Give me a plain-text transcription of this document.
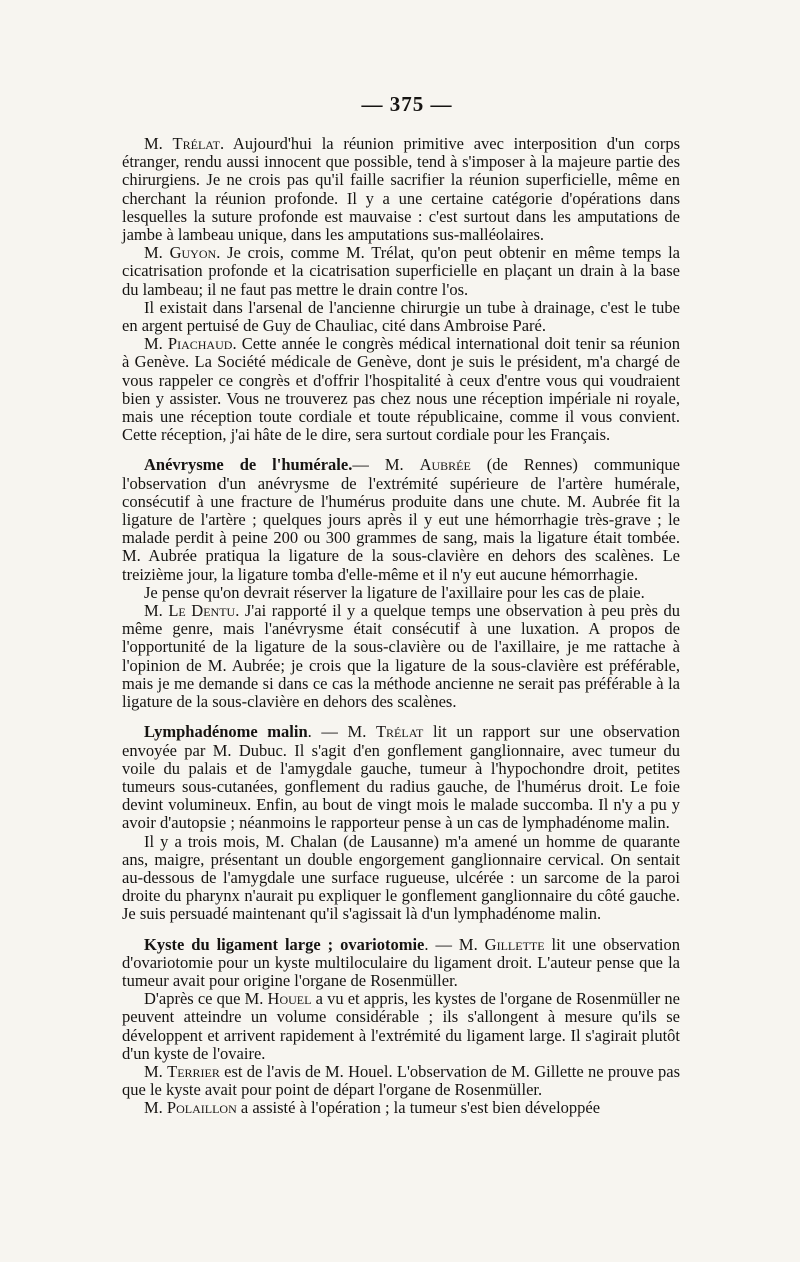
— 375 —

M. Trélat. Aujourd'hui la réunion primitive avec interposition d'un corps étranger, rendu aussi innocent que possible, tend à s'imposer à la majeure partie des chirurgiens. Je ne crois pas qu'il faille sacrifier la réunion superficielle, même en cherchant la réunion profonde. Il y a une certaine catégorie d'opérations dans lesquelles la suture profonde est mauvaise : c'est surtout dans les amputations de jambe à lambeau unique, dans les amputations sus-malléolaires.

M. Guyon. Je crois, comme M. Trélat, qu'on peut obtenir en même temps la cicatrisation profonde et la cicatrisation superficielle en plaçant un drain à la base du lambeau; il ne faut pas mettre le drain contre l'os.

Il existait dans l'arsenal de l'ancienne chirurgie un tube à drainage, c'est le tube en argent pertuisé de Guy de Chauliac, cité dans Ambroise Paré.

M. Piachaud. Cette année le congrès médical international doit tenir sa réunion à Genève. La Société médicale de Genève, dont je suis le président, m'a chargé de vous rappeler ce congrès et d'offrir l'hospitalité à ceux d'entre vous qui voudraient bien y assister. Vous ne trouverez pas chez nous une réception impériale ni royale, mais une réception toute cordiale et toute républicaine, comme il vous convient. Cette réception, j'ai hâte de le dire, sera surtout cordiale pour les Français.

Anévrysme de l'humérale.— M. Aubrée (de Rennes) communique l'observation d'un anévrysme de l'extrémité supérieure de l'artère humérale, consécutif à une fracture de l'humérus produite dans une chute. M. Aubrée fit la ligature de l'artère ; quelques jours après il y eut une hémorrhagie très-grave ; le malade perdit à peine 200 ou 300 grammes de sang, mais la ligature était tombée. M. Aubrée pratiqua la ligature de la sous-clavière en dehors des scalènes. Le treizième jour, la ligature tomba d'elle-même et il n'y eut aucune hémorrhagie.

Je pense qu'on devrait réserver la ligature de l'axillaire pour les cas de plaie.

M. Le Dentu. J'ai rapporté il y a quelque temps une observation à peu près du même genre, mais l'anévrysme était consécutif à une luxation. A propos de l'opportunité de la ligature de la sous-clavière ou de l'axillaire, je me rattache à l'opinion de M. Aubrée; je crois que la ligature de la sous-clavière est préférable, mais je me demande si dans ce cas la méthode ancienne ne serait pas préférable à la ligature de la sous-clavière en dehors des scalènes.

Lymphadénome malin. — M. Trélat lit un rapport sur une observation envoyée par M. Dubuc. Il s'agit d'en gonflement ganglionnaire, avec tumeur du voile du palais et de l'amygdale gauche, tumeur à l'hypochondre droit, petites tumeurs sous-cutanées, gonflement du radius gauche, de l'humérus droit. Le foie devint volumineux. Enfin, au bout de vingt mois le malade succomba. Il n'y a pu y avoir d'autopsie ; néanmoins le rapporteur pense à un cas de lymphadénome malin.

Il y a trois mois, M. Chalan (de Lausanne) m'a amené un homme de quarante ans, maigre, présentant un double engorgement ganglionnaire cervical. On sentait au-dessous de l'amygdale une surface rugueuse, ulcérée : un sarcome de la paroi droite du pharynx n'aurait pu expliquer le gonflement ganglionnaire du côté gauche. Je suis persuadé maintenant qu'il s'agissait là d'un lymphadénome malin.

Kyste du ligament large ; ovariotomie. — M. Gillette lit une observation d'ovariotomie pour un kyste multiloculaire du ligament droit. L'auteur pense que la tumeur avait pour origine l'organe de Rosenmüller.

D'après ce que M. Houel a vu et appris, les kystes de l'organe de Rosenmüller ne peuvent atteindre un volume considérable ; ils s'allongent à mesure qu'ils se développent et arrivent rapidement à l'extrémité du ligament large. Il s'agirait plutôt d'un kyste de l'ovaire.

M. Terrier est de l'avis de M. Houel. L'observation de M. Gillette ne prouve pas que le kyste avait pour point de départ l'organe de Rosenmüller.

M. Polaillon a assisté à l'opération ; la tumeur s'est bien développée
